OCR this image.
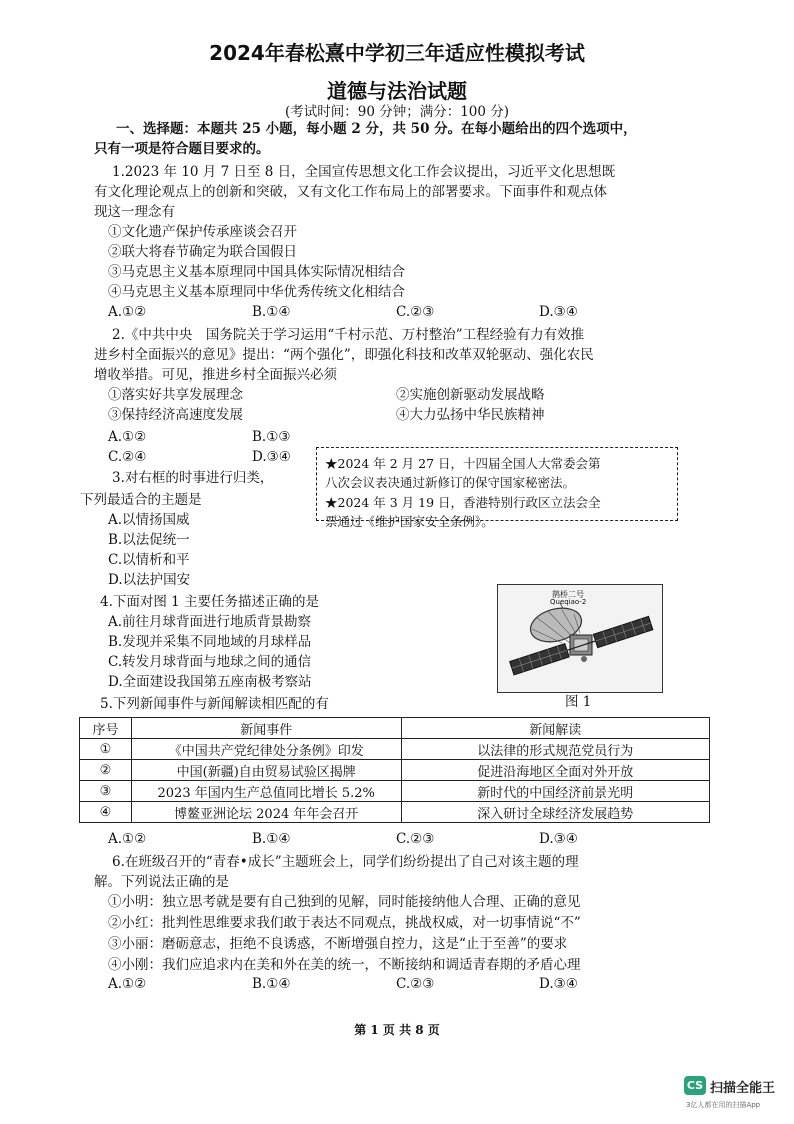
2024年春松熹中学初三年适应性模拟考试
道德与法治试题
(考试时间：90 分钟；满分：100 分)
一、选择题：本题共 25 小题，每小题 2 分，共 50 分。在每小题给出的四个选项中，
只有一项是符合题目要求的。
1.2023 年 10 月 7 日至 8 日，全国宣传思想文化工作会议提出，习近平文化思想既
有文化理论观点上的创新和突破，又有文化工作布局上的部署要求。下面事件和观点体
现这一理念有
①文化遗产保护传承座谈会召开
②联大将春节确定为联合国假日
③马克思主义基本原理同中国具体实际情况相结合
④马克思主义基本原理同中华优秀传统文化相结合
A.①②	B.①④	C.②③	D.③④
2.《中共中央　国务院关于学习运用“千村示范、万村整治”工程经验有力有效推
进乡村全面振兴的意见》提出：“两个强化”，即强化科技和改革双轮驱动、强化农民
增收举措。可见，推进乡村全面振兴必须
①落实好共享发展理念	②实施创新驱动发展战略
③保持经济高速度发展	④大力弘扬中华民族精神
A.①②	B.①③
C.②④	D.③④
3.对右框的时事进行归类，
下列最适合的主题是
A.以情扬国威
B.以法促统一
C.以情析和平
D.以法护国安
★2024 年 2 月 27 日，十四届全国人大常委会第
八次会议表决通过新修订的保守国家秘密法。
★2024 年 3 月 19 日，香港特别行政区立法会全
票通过《维护国家安全条例》。
4.下面对图 1 主要任务描述正确的是
A.前往月球背面进行地质背景勘察
B.发现并采集不同地域的月球样品
C.转发月球背面与地球之间的通信
D.全面建设我国第五座南极考察站
鹊桥二号
Queqiao-2
图 1
5.下列新闻事件与新闻解读相匹配的有
序号	新闻事件	新闻解读
①	《中国共产党纪律处分条例》印发	以法律的形式规范党员行为
②	中国(新疆)自由贸易试验区揭牌	促进沿海地区全面对外开放
③	2023 年国内生产总值同比增长 5.2%	新时代的中国经济前景光明
④	博鳌亚洲论坛 2024 年年会召开	深入研讨全球经济发展趋势
A.①②	B.①④	C.②③	D.③④
6.在班级召开的“青春•成长”主题班会上，同学们纷纷提出了自己对该主题的理
解。下列说法正确的是
①小明：独立思考就是要有自己独到的见解，同时能接纳他人合理、正确的意见
②小红：批判性思维要求我们敢于表达不同观点，挑战权威，对一切事情说“不”
③小丽：磨砺意志，拒绝不良诱惑，不断增强自控力，这是“止于至善”的要求
④小刚：我们应追求内在美和外在美的统一，不断接纳和调适青春期的矛盾心理
A.①②	B.①④	C.②③	D.③④
第 1 页 共 8 页
CS 扫描全能王
3亿人都在用的扫描App
